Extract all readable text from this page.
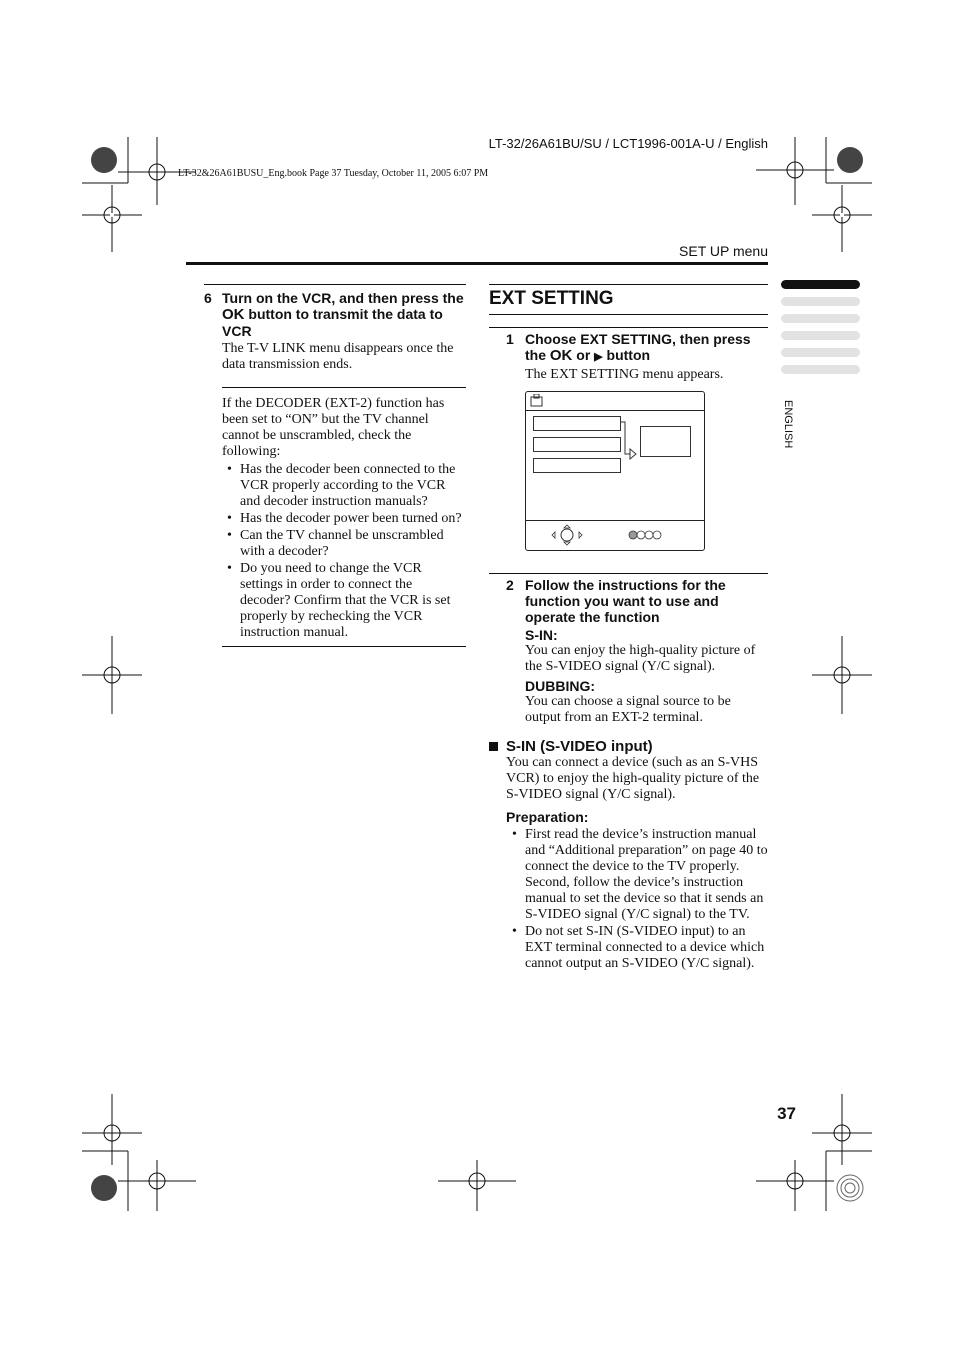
LT-32/26A61BU/SU / LCT1996-001A-U / English
LT-32&26A61BUSU_Eng.book Page 37 Tuesday, October 11, 2005 6:07 PM
SET UP menu
ENGLISH
6 Turn on the VCR, and then press the OK button to transmit the data to VCR
The T-V LINK menu disappears once the data transmission ends.
If the DECODER (EXT-2) function has been set to “ON” but the TV channel cannot be unscrambled, check the following:
• Has the decoder been connected to the VCR properly according to the VCR and decoder instruction manuals?
• Has the decoder power been turned on?
• Can the TV channel be unscrambled with a decoder?
• Do you need to change the VCR settings in order to connect the decoder? Confirm that the VCR is set properly by rechecking the VCR instruction manual.
EXT SETTING
1 Choose EXT SETTING, then press the OK or ▶ button
The EXT SETTING menu appears.
2 Follow the instructions for the function you want to use and operate the function
S-IN:
You can enjoy the high-quality picture of the S-VIDEO signal (Y/C signal).
DUBBING:
You can choose a signal source to be output from an EXT-2 terminal.
S-IN (S-VIDEO input)
You can connect a device (such as an S-VHS VCR) to enjoy the high-quality picture of the S-VIDEO signal (Y/C signal).
Preparation:
• First read the device’s instruction manual and “Additional preparation” on page 40 to connect the device to the TV properly. Second, follow the device’s instruction manual to set the device so that it sends an S-VIDEO signal (Y/C signal) to the TV.
• Do not set S-IN (S-VIDEO input) to an EXT terminal connected to a device which cannot output an S-VIDEO (Y/C signal).
37
